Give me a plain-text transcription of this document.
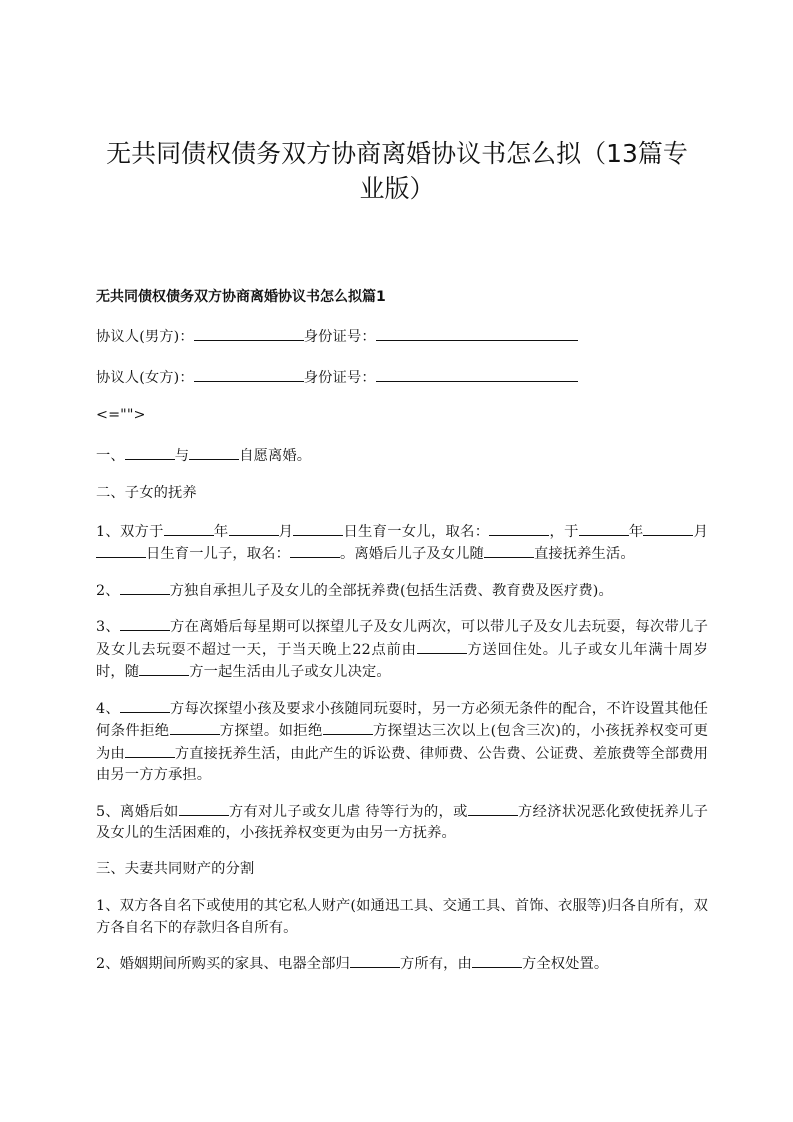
无共同债权债务双方协商离婚协议书怎么拟（13篇专业版）
无共同债权债务双方协商离婚协议书怎么拟篇1
协议人(男方)：	身份证号：
协议人(女方)：	身份证号：
<="">
一、	与	自愿离婚。
二、子女的抚养
1、双方于	年	月	日生育一女儿，取名：	，于	年	月日生育一儿子，取名：	。离婚后儿子及女儿随	直接抚养生活。
2、	方独自承担儿子及女儿的全部抚养费(包括生活费、教育费及医疗费)。
3、	方在离婚后每星期可以探望儿子及女儿两次，可以带儿子及女儿去玩耍，每次带儿子及女儿去玩耍不超过一天，于当天晚上22点前由	方送回住处。儿子或女儿年满十周岁时，随	方一起生活由儿子或女儿决定。
4、	方每次探望小孩及要求小孩随同玩耍时，另一方必须无条件的配合，不许设置其他任何条件拒绝	方探望。如拒绝	方探望达三次以上(包含三次)的，小孩抚养权变可更为由	方直接抚养生活，由此产生的诉讼费、律师费、公告费、公证费、差旅费等全部费用由另一方方承担。
5、离婚后如	方有对儿子或女儿虐 待等行为的，或	方经济状况恶化致使抚养儿子及女儿的生活困难的，小孩抚养权变更为由另一方抚养。
三、夫妻共同财产的分割
1、双方各自名下或使用的其它私人财产(如通迅工具、交通工具、首饰、衣服等)归各自所有，双方各自名下的存款归各自所有。
2、婚姻期间所购买的家具、电器全部归	方所有，由	方全权处置。
